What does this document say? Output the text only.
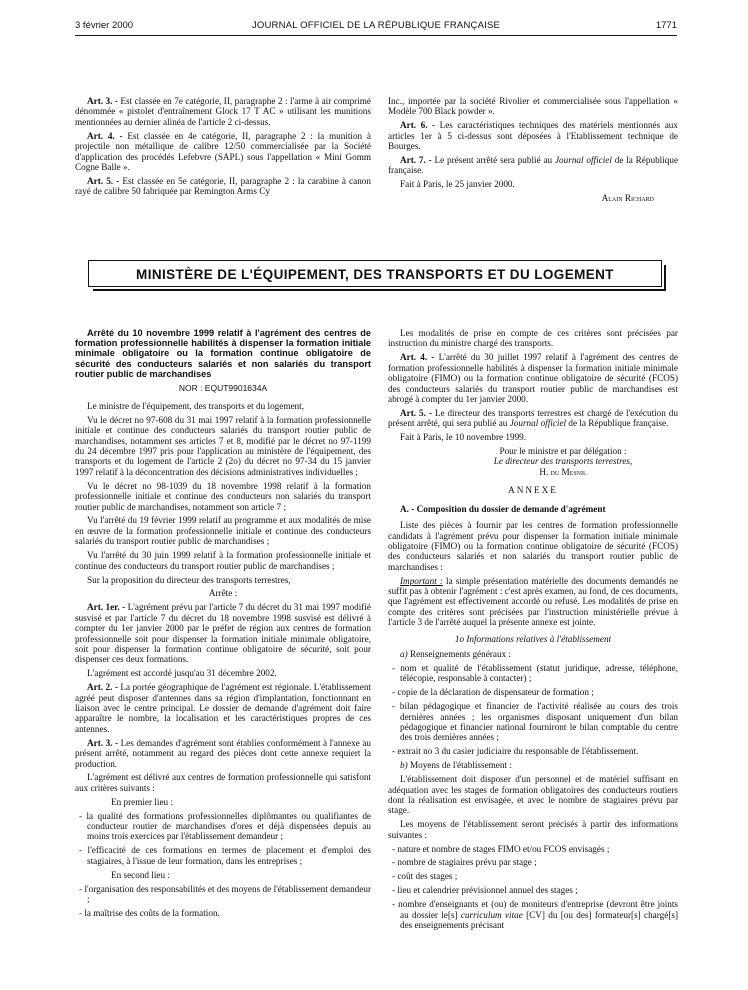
3 février 2000	JOURNAL OFFICIEL DE LA RÉPUBLIQUE FRANÇAISE	1771

Art. 3. - Est classée en 7e catégorie, II, paragraphe 2 : l'arme à air comprimé dénommée « pistolet d'entraînement Glock 17 T AC » utilisant les munitions mentionnées au dernier alinéa de l'article 2 ci-dessus.

Art. 4. - Est classée en 4e catégorie, II, paragraphe 2 : la munition à projectile non métallique de calibre 12/50 commercialisée par la Société d'application des procédés Lefebvre (SAPL) sous l'appellation « Mini Gomm Cogne Balle ».

Art. 5. - Est classée en 5e catégorie, II, paragraphe 2 : la carabine à canon rayé de calibre 50 fabriquée par Remington Arms Cy

Inc., importée par la société Rivolier et commercialisée sous l'appellation « Modèle 700 Black powder ».

Art. 6. - Les caractéristiques techniques des matériels mentionnés aux articles 1er à 5 ci-dessus sont déposées à l'Etablissement technique de Bourges.

Art. 7. - Le présent arrêté sera publié au Journal officiel de la République française.

Fait à Paris, le 25 janvier 2000.

Alain Richard

MINISTÈRE DE L'ÉQUIPEMENT, DES TRANSPORTS ET DU LOGEMENT

Arrêté du 10 novembre 1999 relatif à l'agrément des centres de formation professionnelle habilités à dispenser la formation initiale minimale obligatoire ou la formation continue obligatoire de sécurité des conducteurs salariés et non salariés du transport routier public de marchandises

NOR : EQUT9901634A

Le ministre de l'équipement, des transports et du logement,

Vu le décret no 97-608 du 31 mai 1997 relatif à la formation professionnelle initiale et continue des conducteurs salariés du transport routier public de marchandises, notamment ses articles 7 et 8, modifié par le décret no 97-1199 du 24 décembre 1997 pris pour l'application au ministère de l'équipement, des transports et du logement de l'article 2 (2o) du décret no 97-34 du 15 janvier 1997 relatif à la déconcentration des décisions administratives individuelles ;

Vu le décret no 98-1039 du 18 novembre 1998 relatif à la formation professionnelle initiale et continue des conducteurs non salariés du transport routier public de marchandises, notamment son article 7 ;

Vu l'arrêté du 19 février 1999 relatif au programme et aux modalités de mise en œuvre de la formation professionnelle initiale et continue des conducteurs salariés du transport routier public de marchandises ;

Vu l'arrêté du 30 juin 1999 relatif à la formation professionnelle initiale et continue des conducteurs du transport routier public de marchandises ;

Sur la proposition du directeur des transports terrestres,

Arrête :

Art. 1er. - L'agrément prévu par l'article 7 du décret du 31 mai 1997 modifié susvisé et par l'article 7 du décret du 18 novembre 1998 susvisé est délivré à compter du 1er janvier 2000 par le préfet de région aux centres de formation professionnelle soit pour dispenser la formation initiale minimale obligatoire, soit pour dispenser la formation continue obligatoire de sécurité, soit pour dispenser ces deux formations.

L'agrément est accordé jusqu'au 31 décembre 2002.

Art. 2. - La portée géographique de l'agrément est régionale. L'établissement agréé peut disposer d'antennes dans sa région d'implantation, fonctionnant en liaison avec le centre principal. Le dossier de demande d'agrément doit faire apparaître le nombre, la localisation et les caractéristiques propres de ces antennes.

Art. 3. - Les demandes d'agrément sont établies conformément à l'annexe au présent arrêté, notamment au regard des pièces dont cette annexe requiert la production.

L'agrément est délivré aux centres de formation professionnelle qui satisfont aux critères suivants :

En premier lieu :

- la qualité des formations professionnelles diplômantes ou qualifiantes de conducteur routier de marchandises d'ores et déjà dispensées depuis au moins trois exercices par l'établissement demandeur ;

- l'efficacité de ces formations en termes de placement et d'emploi des stagiaires, à l'issue de leur formation, dans les entreprises ;

En second lieu :

- l'organisation des responsabilités et des moyens de l'établissement demandeur ;

- la maîtrise des coûts de la formation.

Les modalités de prise en compte de ces critères sont précisées par instruction du ministre chargé des transports.

Art. 4. - L'arrêté du 30 juillet 1997 relatif à l'agrément des centres de formation professionnelle habilités à dispenser la formation initiale minimale obligatoire (FIMO) ou la formation continue obligatoire de sécurité (FCOS) des conducteurs salariés du transport routier public de marchandises est abrogé à compter du 1er janvier 2000.

Art. 5. - Le directeur des transports terrestres est chargé de l'exécution du présent arrêté, qui sera publié au Journal officiel de la République française.

Fait à Paris, le 10 novembre 1999.

Pour le ministre et par délégation :

Le directeur des transports terrestres,

H. du Mesnil

ANNEXE

A. - Composition du dossier de demande d'agrément

Liste des pièces à fournir par les centres de formation professionnelle candidats à l'agrément prévu pour dispenser la formation initiale minimale obligatoire (FIMO) ou la formation continue obligatoire de sécurité (FCOS) des conducteurs salariés et non salariés du transport routier public de marchandises :

Important : la simple présentation matérielle des documents demandés ne suffit pas à obtenir l'agrément : c'est après examen, au fond, de ces documents, que l'agrément est effectivement accordé ou refusé. Les modalités de prise en compte des critères sont précisées par l'instruction ministérielle prévue à l'article 3 de l'arrêté auquel la présente annexe est jointe.

1o Informations relatives à l'établissement

a) Renseignements généraux :

- nom et qualité de l'établissement (statut juridique, adresse, téléphone, télécopie, responsable à contacter) ;

- copie de la déclaration de dispensateur de formation ;

- bilan pédagogique et financier de l'activité réalisée au cours des trois dernières années ; les organismes disposant uniquement d'un bilan pédagogique et financier national fourniront le bilan comptable du centre des trois dernières années ;

- extrait no 3 du casier judiciaire du responsable de l'établissement.

b) Moyens de l'établissement :

L'établissement doit disposer d'un personnel et de matériel suffisant en adéquation avec les stages de formation obligatoires des conducteurs routiers dont la réalisation est envisagée, et avec le nombre de stagiaires prévu par stage.

Les moyens de l'établissement seront précisés à partir des informations suivantes :

- nature et nombre de stages FIMO et/ou FCOS envisagés ;

- nombre de stagiaires prévu par stage ;

- coût des stages ;

- lieu et calendrier prévisionnel annuel des stages ;

- nombre d'enseignants et (ou) de moniteurs d'entreprise (devront être joints au dossier le[s] curriculum vitae [CV] du [ou des] formateur[s] chargé[s] des enseignements précisant
